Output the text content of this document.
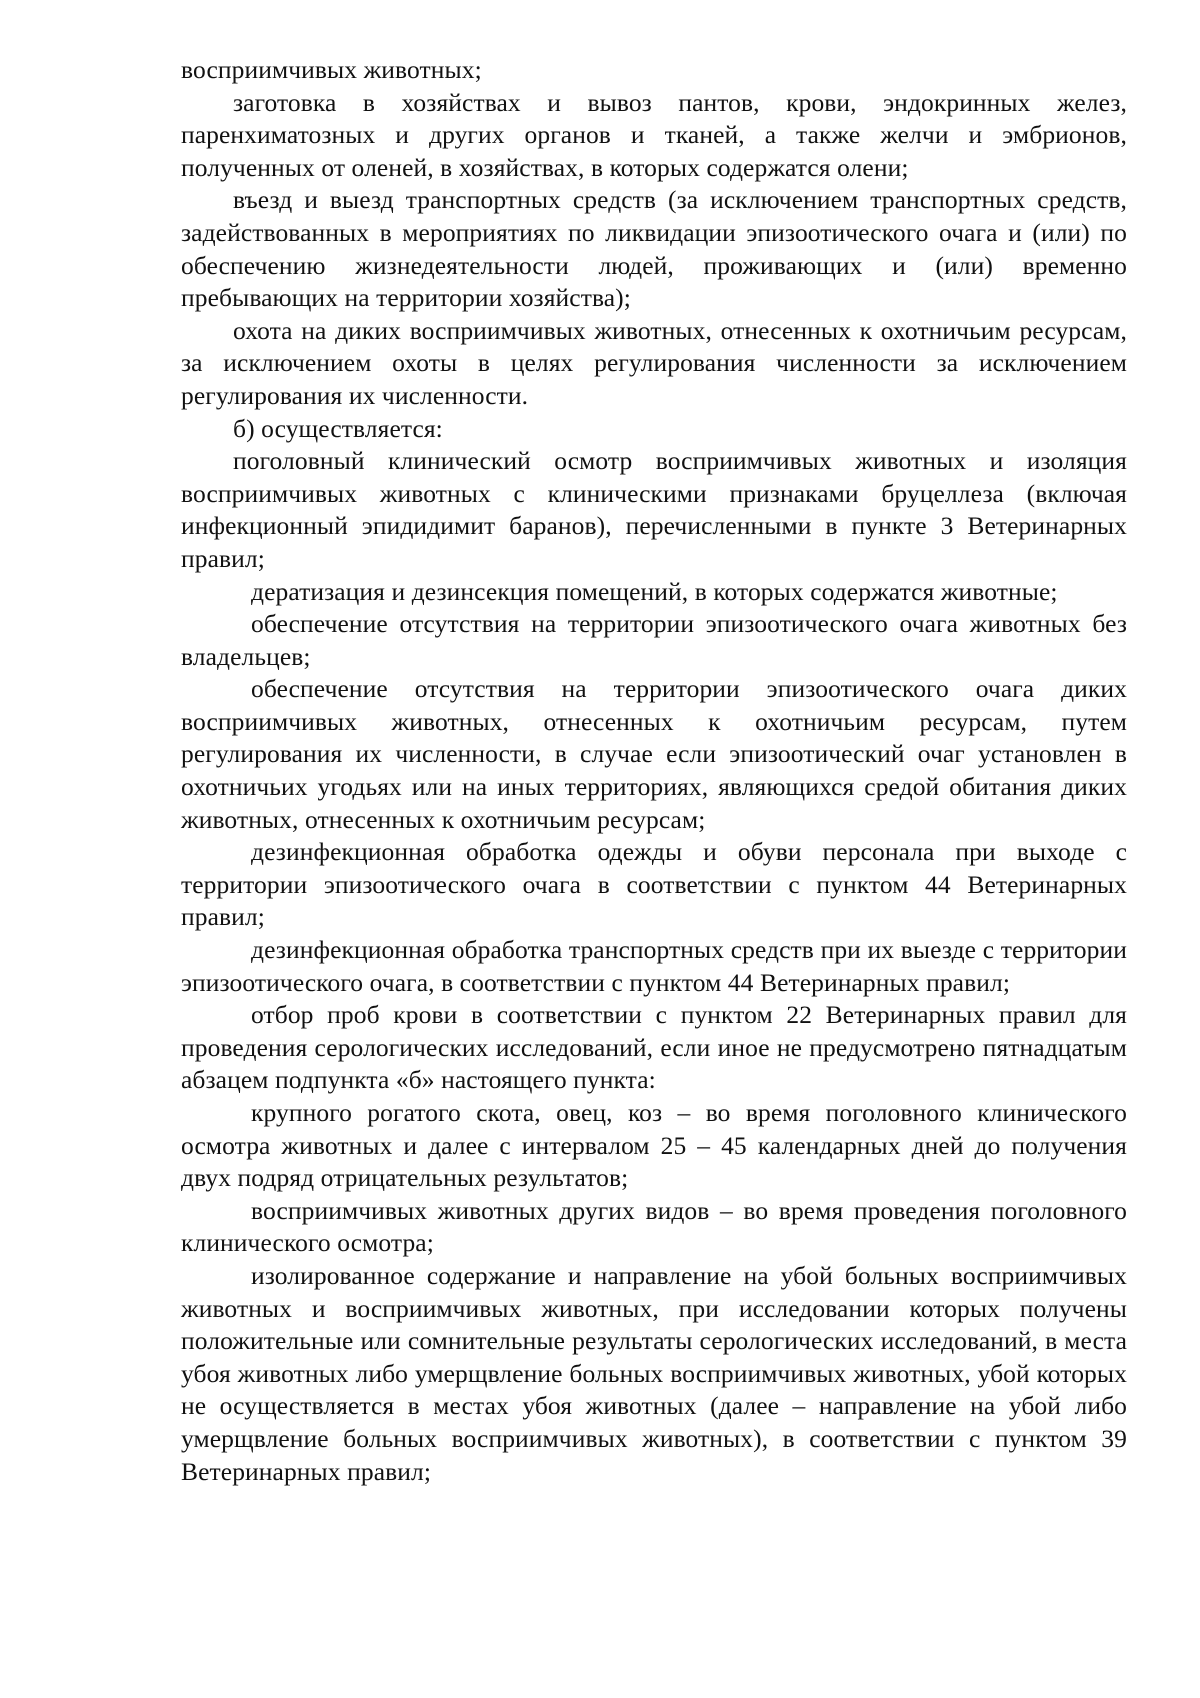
восприимчивых животных;

заготовка в хозяйствах и вывоз пантов, крови, эндокринных желез, паренхиматозных и других органов и тканей, а также желчи и эмбрионов, полученных от оленей, в хозяйствах, в которых содержатся олени;

въезд и выезд транспортных средств (за исключением транспортных средств, задействованных в мероприятиях по ликвидации эпизоотического очага и (или) по обеспечению жизнедеятельности людей, проживающих и (или) временно пребывающих на территории хозяйства);

охота на диких восприимчивых животных, отнесенных к охотничьим ресурсам, за исключением охоты в целях регулирования численности за исключением регулирования их численности.

б) осуществляется:

поголовный клинический осмотр восприимчивых животных и изоляция восприимчивых животных с клиническими признаками бруцеллеза (включая инфекционный эпидидимит баранов), перечисленными в пункте 3 Ветеринарных правил;

дератизация и дезинсекция помещений, в которых содержатся животные;

обеспечение отсутствия на территории эпизоотического очага животных без владельцев;

обеспечение отсутствия на территории эпизоотического очага диких восприимчивых животных, отнесенных к охотничьим ресурсам, путем регулирования их численности, в случае если эпизоотический очаг установлен в охотничьих угодьях или на иных территориях, являющихся средой обитания диких животных, отнесенных к охотничьим ресурсам;

дезинфекционная обработка одежды и обуви персонала при выходе с территории эпизоотического очага в соответствии с пунктом 44 Ветеринарных правил;

дезинфекционная обработка транспортных средств при их выезде с территории эпизоотического очага, в соответствии с пунктом 44 Ветеринарных правил;

отбор проб крови в соответствии с пунктом 22 Ветеринарных правил для проведения серологических исследований, если иное не предусмотрено пятнадцатым абзацем подпункта «б» настоящего пункта:

крупного рогатого скота, овец, коз – во время поголовного клинического осмотра животных и далее с интервалом 25 – 45 календарных дней до получения двух подряд отрицательных результатов;

восприимчивых животных других видов – во время проведения поголовного клинического осмотра;

изолированное содержание и направление на убой больных восприимчивых животных и восприимчивых животных, при исследовании которых получены положительные или сомнительные результаты серологических исследований, в места убоя животных либо умерщвление больных восприимчивых животных, убой которых не осуществляется в местах убоя животных (далее – направление на убой либо умерщвление больных восприимчивых животных), в соответствии с пунктом 39 Ветеринарных правил;
